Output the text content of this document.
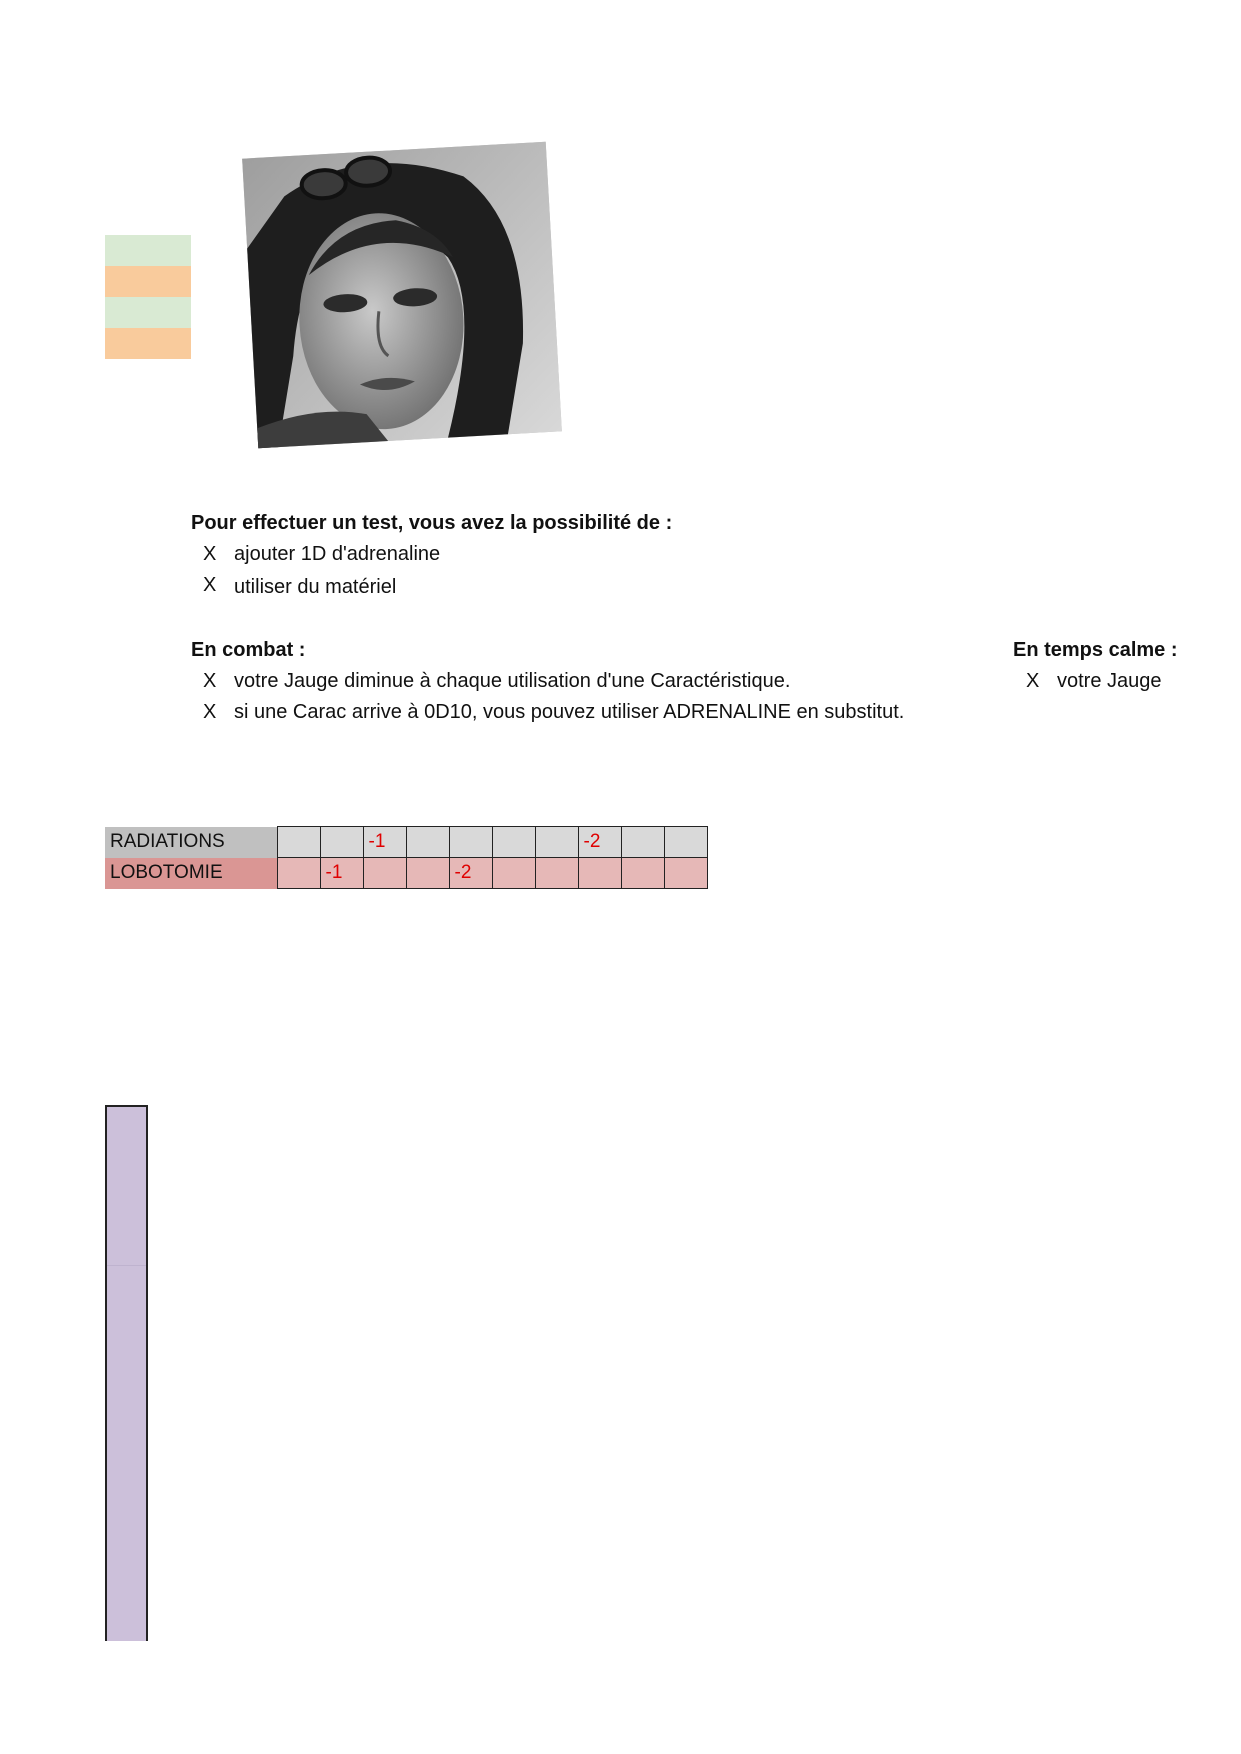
Pour effectuer un test, vous avez la possibilité de :
X ajouter 1D d'adrenaline
X utiliser du matériel
En combat :
X votre Jauge diminue à chaque utilisation d'une Caractéristique.
X si une Carac arrive à 0D10, vous pouvez utiliser ADRENALINE en substitut.
En temps calme :
X votre Jauge
RADIATIONS			-1					-2		
LOBOTOMIE		-1			-2					
